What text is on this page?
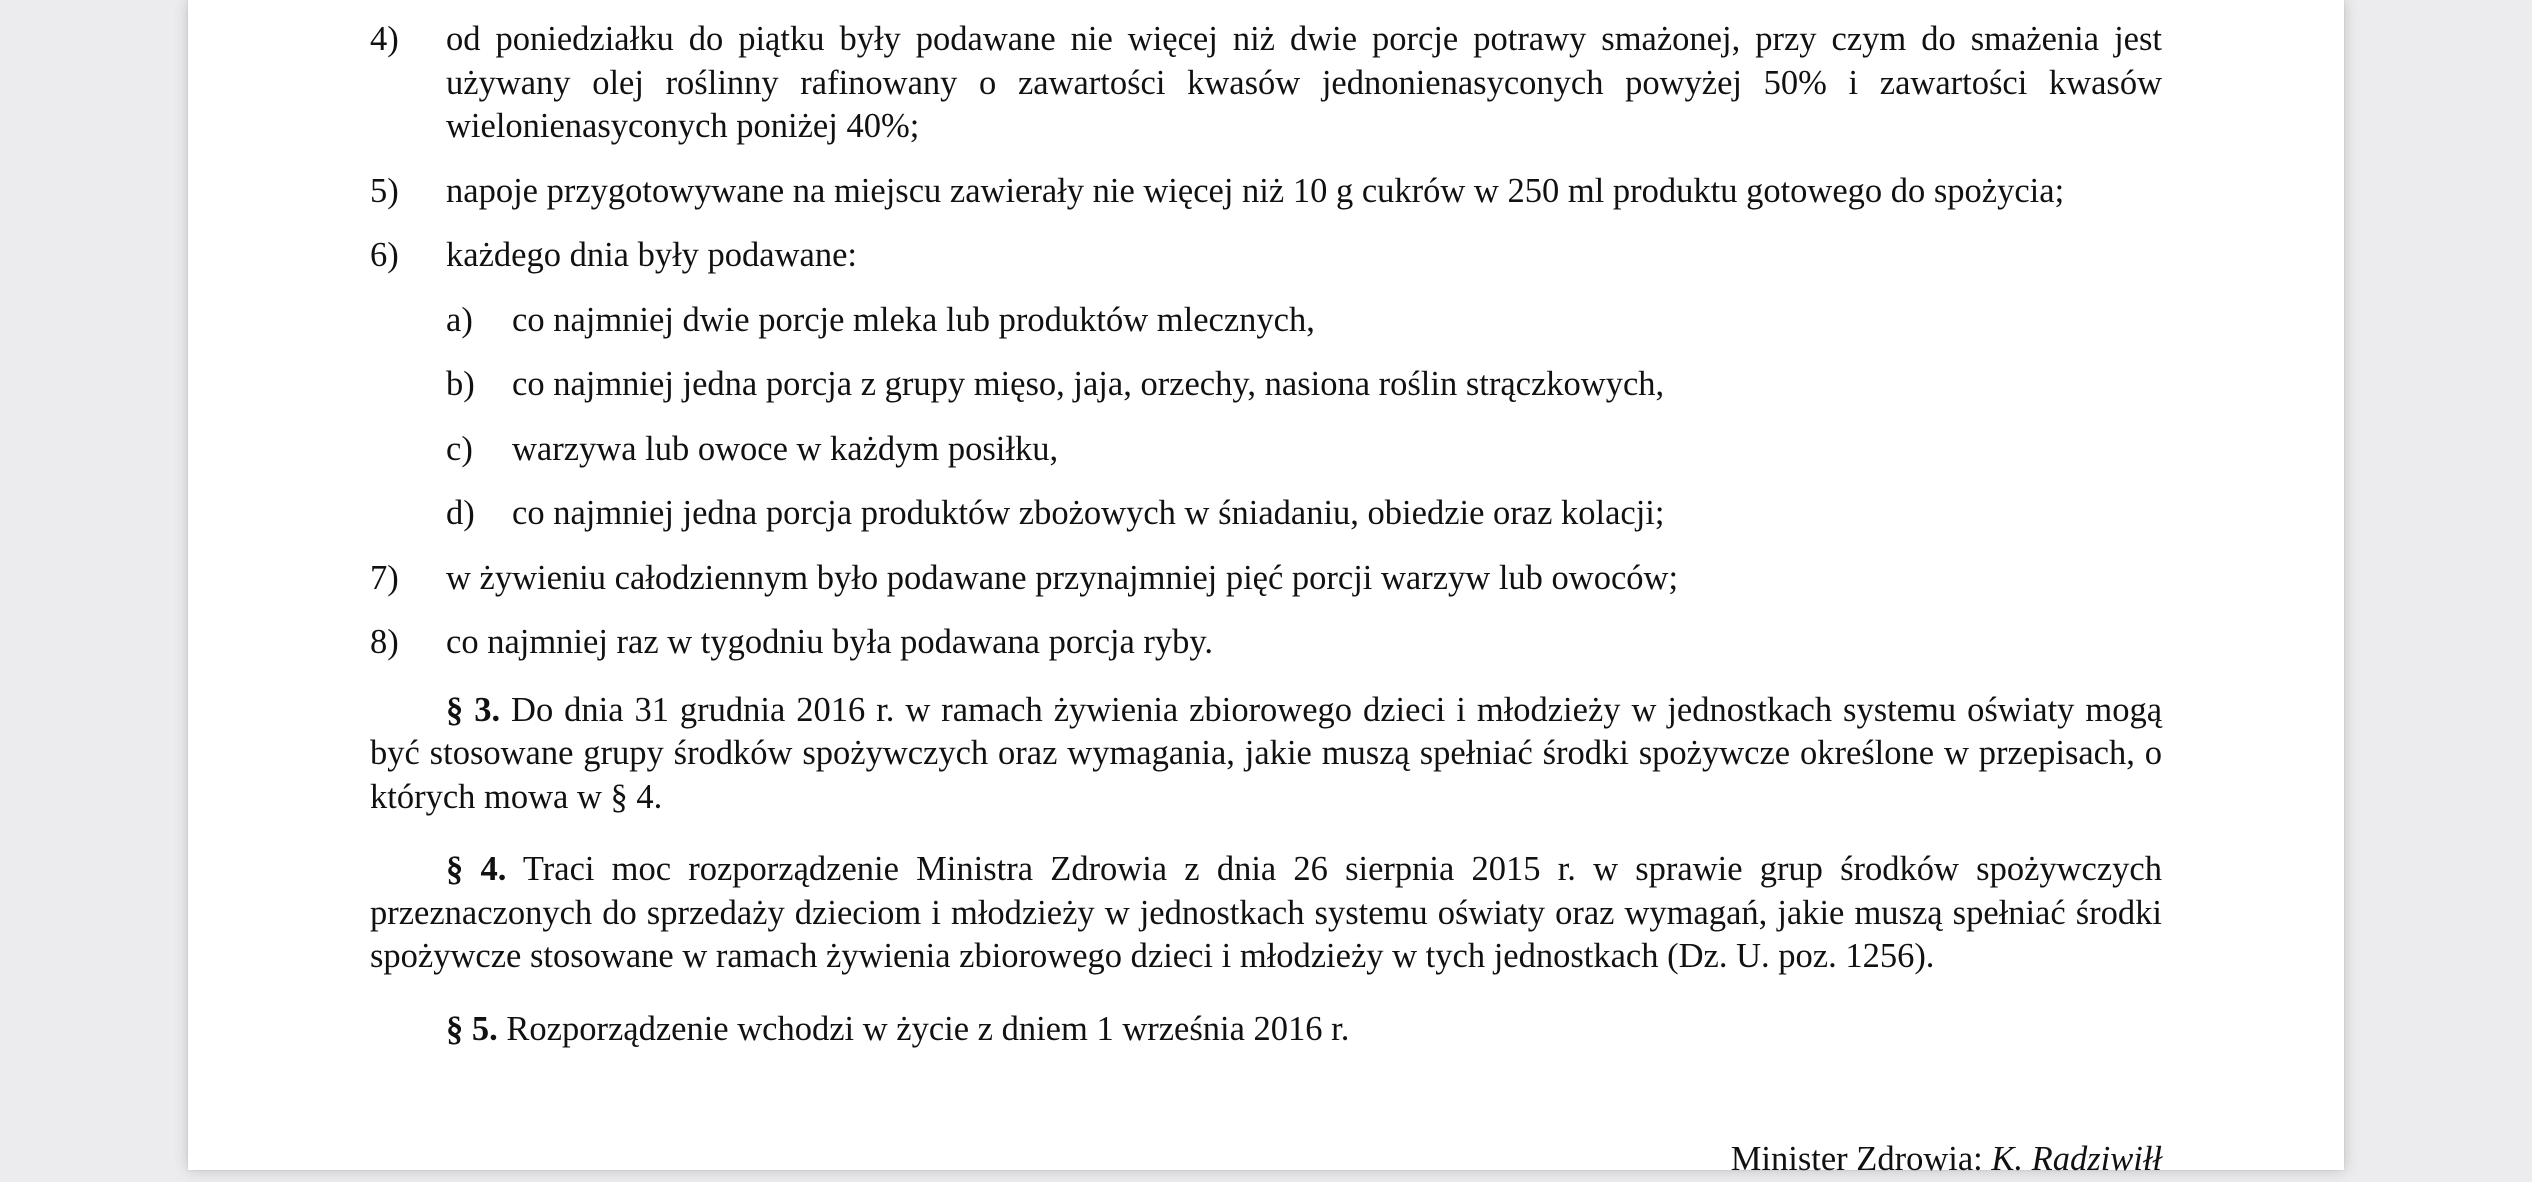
4) od poniedziałku do piątku były podawane nie więcej niż dwie porcje potrawy smażonej, przy czym do smażenia jest używany olej roślinny rafinowany o zawartości kwasów jednonienasyconych powyżej 50% i zawartości kwasów wielonienasyconych poniżej 40%;
5) napoje przygotowywane na miejscu zawierały nie więcej niż 10 g cukrów w 250 ml produktu gotowego do spożycia;
6) każdego dnia były podawane:
a) co najmniej dwie porcje mleka lub produktów mlecznych,
b) co najmniej jedna porcja z grupy mięso, jaja, orzechy, nasiona roślin strączkowych,
c) warzywa lub owoce w każdym posiłku,
d) co najmniej jedna porcja produktów zbożowych w śniadaniu, obiedzie oraz kolacji;
7) w żywieniu całodziennym było podawane przynajmniej pięć porcji warzyw lub owoców;
8) co najmniej raz w tygodniu była podawana porcja ryby.

§ 3. Do dnia 31 grudnia 2016 r. w ramach żywienia zbiorowego dzieci i młodzieży w jednostkach systemu oświaty mogą być stosowane grupy środków spożywczych oraz wymagania, jakie muszą spełniać środki spożywcze określone w przepisach, o których mowa w § 4.

§ 4. Traci moc rozporządzenie Ministra Zdrowia z dnia 26 sierpnia 2015 r. w sprawie grup środków spożywczych przeznaczonych do sprzedaży dzieciom i młodzieży w jednostkach systemu oświaty oraz wymagań, jakie muszą spełniać środki spożywcze stosowane w ramach żywienia zbiorowego dzieci i młodzieży w tych jednostkach (Dz. U. poz. 1256).

§ 5. Rozporządzenie wchodzi w życie z dniem 1 września 2016 r.

Minister Zdrowia: K. Radziwiłł
